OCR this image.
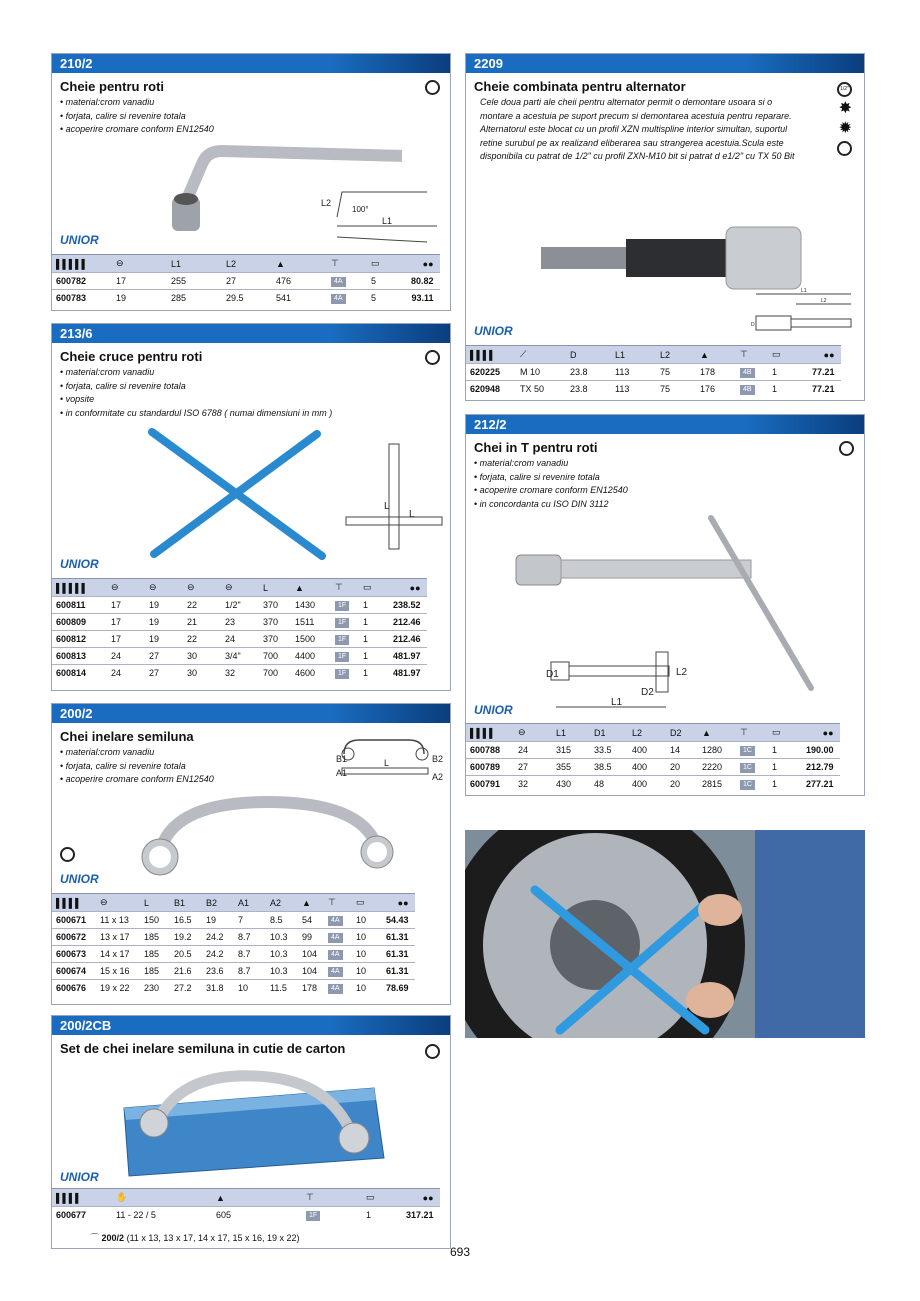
210/2
Cheie pentru roti
• material:crom vanadiu
• forjata, calire si revenire totala
• acoperire cromare conform EN12540
L2
100°
L1
UNIOR
▌▌▌▌▌	⊖	L1	L2	▲	⊤	▭	●●
600782	17	255	27	476	4A	5	80.82
600783	19	285	29.5	541	4A	5	93.11
213/6
Cheie cruce pentru roti
• material:crom vanadiu
• forjata, calire si revenire totala
• vopsite
• in conformitate cu standardul ISO 6788 ( numai dimensiuni in mm )
L
L
UNIOR
▌▌▌▌▌	⊖	⊖	⊖	⊖	L	▲	⊤	▭	●●
600811	17	19	22	1/2"	370	1430	1F	1	238.52
600809	17	19	21	23	370	1511	1F	1	212.46
600812	17	19	22	24	370	1500	1F	1	212.46
600813	24	27	30	3/4"	700	4400	1F	1	481.97
600814	24	27	30	32	700	4600	1F	1	481.97
200/2
Chei inelare semiluna
• material:crom vanadiu
• forjata, calire si revenire totala
• acoperire cromare conform EN12540
B1	B2
A1	A2
L
UNIOR
▌▌▌▌	⊖	L	B1	B2	A1	A2	▲	⊤	▭	●●
600671	11 x 13	150	16.5	19	7	8.5	54	4A	10	54.43
600672	13 x 17	185	19.2	24.2	8.7	10.3	99	4A	10	61.31
600673	14 x 17	185	20.5	24.2	8.7	10.3	104	4A	10	61.31
600674	15 x 16	185	21.6	23.6	8.7	10.3	104	4A	10	61.31
600676	19 x 22	230	27.2	31.8	10	11.5	178	4A	10	78.69
200/2CB
Set de chei inelare semiluna in cutie de carton
UNIOR
▌▌▌▌	✋	▲	⊤	▭	●●
600677	11 - 22 / 5	605	1F	1	317.21
⌒ 200/2 (11 x 13, 13 x 17, 14 x 17, 15 x 16, 19 x 22)
2209
Cheie combinata pentru alternator

Cele doua parti ale cheii pentru alternator permit o demontare usoara si o montare a acestuia pe suport precum si demontarea acestuia pentru reparare. Alternatorul este blocat cu un profil XZN multispline interior simultan, suportul retine surubul pe ax realizand eliberarea sau strangerea acestuia.Scula este disponibila cu patrat de 1/2" cu profil ZXN-M10 bit si patrat d e1/2" cu TX 50 Bit

1/2"
✸
✹
L1
L2
D
UNIOR
▌▌▌▌	⟋	D	L1	L2	▲	⊤	▭	●●
620225	M 10	23.8	113	75	178	4B	1	77.21
620948	TX 50	23.8	113	75	176	4B	1	77.21
212/2
Chei in T pentru roti
• material:crom vanadiu
• forjata, calire si revenire totala
• acoperire cromare conform EN12540
• in concordanta cu ISO DIN 3112
D1
D2
L1
L2
UNIOR
▌▌▌▌	⊖	L1	D1	L2	D2	▲	⊤	▭	●●
600788	24	315	33.5	400	14	1280	1C	1	190.00
600789	27	355	38.5	400	20	2220	1C	1	212.79
600791	32	430	48	400	20	2815	1C	1	277.21
693
